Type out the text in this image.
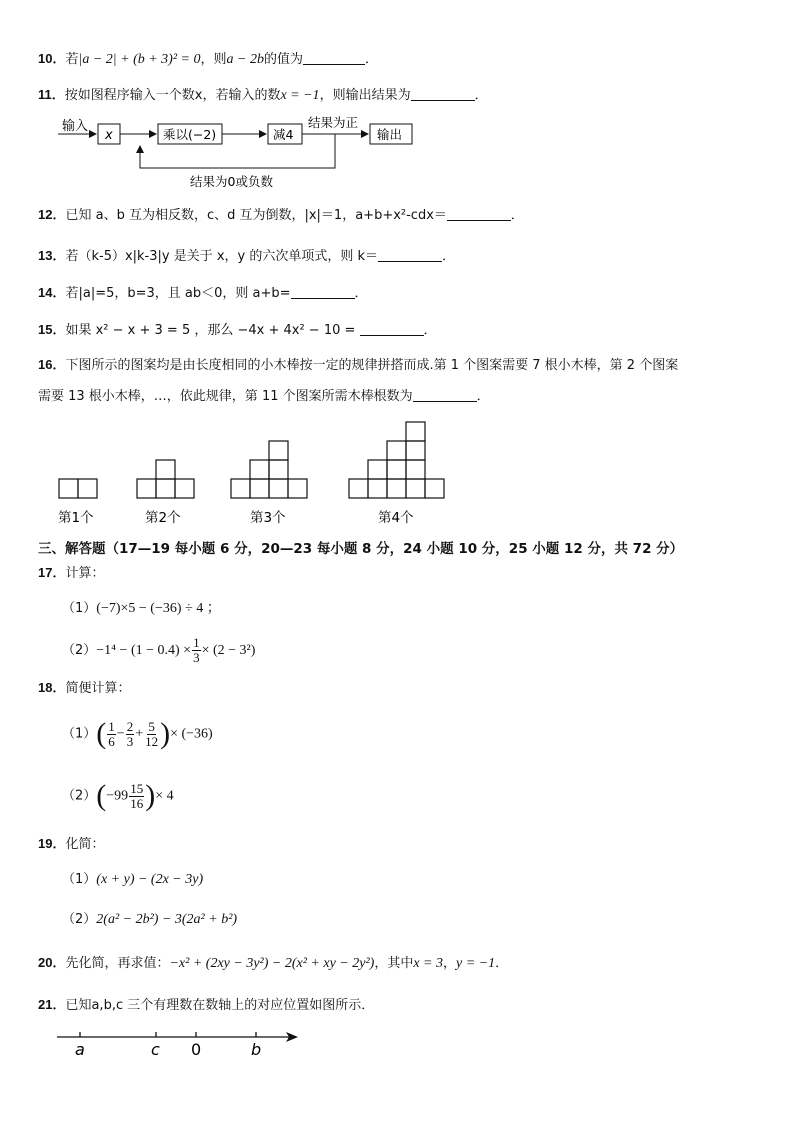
10．若|a − 2| + (b + 3)² = 0，则a − 2b的值为	．
11．按如图程序输入一个数x，若输入的数x = −1，则输出结果为	．
输入
x	乘以(−2)	减4
结果为正
输出
结果为0或负数
12．已知 a、b 互为相反数，c、d 互为倒数，|x|＝1，a+b+x²-cdx＝	．
13．若（k-5）x|k-3|y 是关于 x，y 的六次单项式，则 k＝	．
14．若|a|=5，b=3，且 ab＜0，则 a+b=	．
15．如果 x² − x + 3 = 5 ，那么 −4x + 4x² − 10 =	．
16．下图所示的图案均是由长度相同的小木棒按一定的规律拼搭而成.第 1 个图案需要 7 根小木棒，第 2 个图案
需要 13 根小木棒，…，依此规律，第 11 个图案所需木棒根数为	．
第1个	第2个	第3个	第4个
三、解答题（17—19 每小题 6 分，20—23 每小题 8 分，24 小题 10 分，25 小题 12 分，共 72 分）
17．计算：
（1）(−7)×5 − (−36) ÷ 4 ；
$(2)-1^4 - (1 - 0.4) \times \frac{1}{3} \times (2 - 3^2)$
18．简便计算：
$(1)( \frac{1}{6} - \frac{2}{3} + \frac{5}{12}$ )× (−36)
$(2)(-99 \frac{15}{16}$ )× 4
19．化简：
（1）(x + y) − (2x − 3y)
（2）2(a² − 2b²) − 3(2a² + b²)
20．先化简，再求值：−x² + (2xy − 3y²) − 2(x² + xy − 2y²)，其中x = 3，y = −1．
21．已知a,b,c 三个有理数在数轴上的对应位置如图所示．
a	c 0	b
